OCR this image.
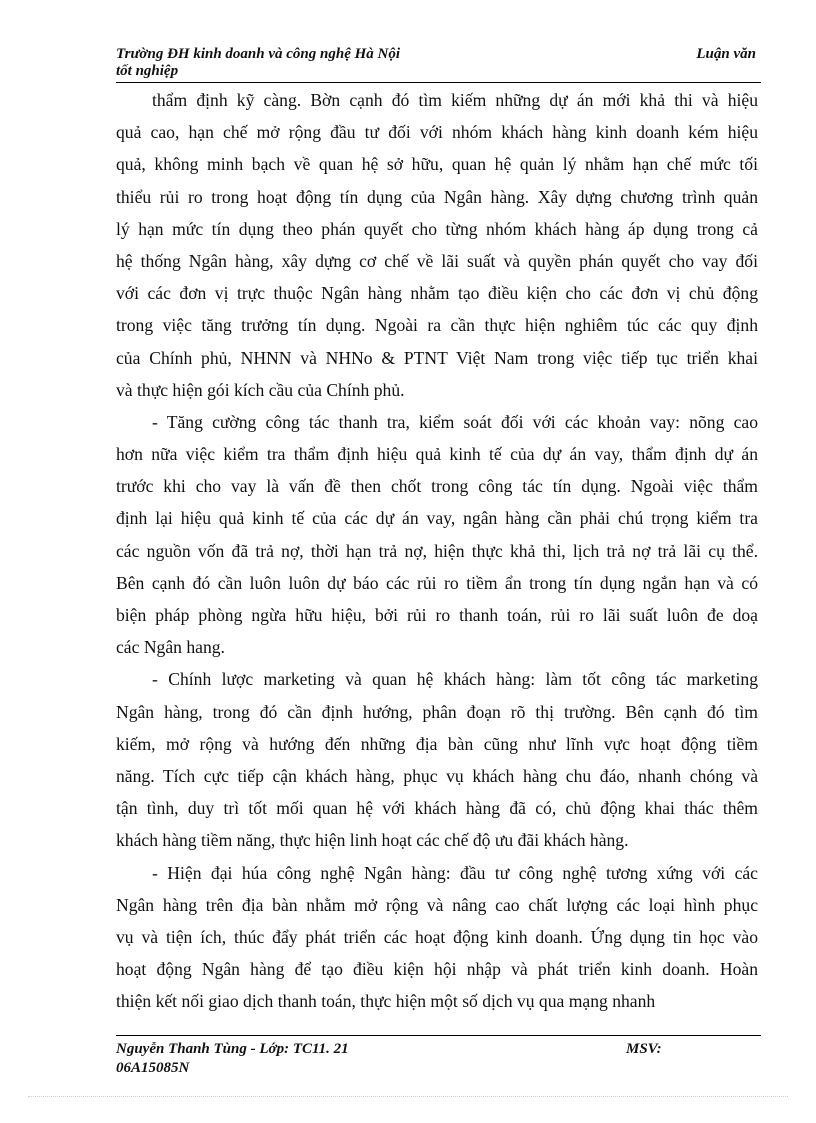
Trường ĐH kinh doanh và công nghệ Hà Nội	Luận văn
tốt nghiệp
thẩm định kỹ càng. Bờn cạnh đó tìm kiếm những dự án mới khả thi và hiệu
quả cao, hạn chế mở rộng đầu tư đối với nhóm khách hàng kinh doanh kém hiệu
quả, không minh bạch về quan hệ sở hữu, quan hệ quản lý nhằm hạn chế mức tối
thiểu rủi ro trong hoạt động tín dụng của Ngân hàng. Xây dựng chương trình quản
lý hạn mức tín dụng theo phán quyết cho từng nhóm khách hàng áp dụng trong cả
hệ thống Ngân hàng, xây dựng cơ chế về lãi suất và quyền phán quyết cho vay đối
với các đơn vị trực thuộc Ngân hàng nhằm tạo điều kiện cho các đơn vị chủ động
trong việc tăng trưởng tín dụng. Ngoài ra cần thực hiện nghiêm túc các quy định
của Chính phủ, NHNN và NHNo & PTNT Việt Nam trong việc tiếp tục triển khai
và thực hiện gói kích cầu của Chính phủ.
- Tăng cường công tác thanh tra, kiểm soát đối với các khoản vay: nõng cao
hơn nữa việc kiểm tra thẩm định hiệu quả kinh tế của dự án vay, thẩm định dự án
trước khi cho vay là vấn đề then chốt trong công tác tín dụng. Ngoài việc thẩm
định lại hiệu quả kinh tế của các dự án vay, ngân hàng cần phải chú trọng kiểm tra
các nguồn vốn đã trả nợ, thời hạn trả nợ, hiện thực khả thi, lịch trả nợ trả lãi cụ thể.
Bên cạnh đó cần luôn luôn dự báo các rủi ro tiềm ẩn trong tín dụng ngắn hạn và có
biện pháp phòng ngừa hữu hiệu, bởi rủi ro thanh toán, rủi ro lãi suất luôn đe doạ
các Ngân hang.
- Chính lược marketing và quan hệ khách hàng: làm tốt công tác marketing
Ngân hàng, trong đó cần định hướng, phân đoạn rõ thị trường. Bên cạnh đó tìm
kiếm, mở rộng và hướng đến những địa bàn cũng như lĩnh vực hoạt động tiềm
năng. Tích cực tiếp cận khách hàng, phục vụ khách hàng chu đáo, nhanh chóng và
tận tình, duy trì tốt mối quan hệ với khách hàng đã có, chủ động khai thác thêm
khách hàng tiềm năng, thực hiện linh hoạt các chế độ ưu đãi khách hàng.
- Hiện đại húa công nghệ Ngân hàng: đầu tư công nghệ tương xứng với các
Ngân hàng trên địa bàn nhằm mở rộng và nâng cao chất lượng các loại hình phục
vụ và tiện ích, thúc đẩy phát triển các hoạt động kinh doanh. Ứng dụng tin học vào
hoạt động Ngân hàng để tạo điều kiện hội nhập và phát triển kinh doanh. Hoàn
thiện kết nối giao dịch thanh toán, thực hiện một số dịch vụ qua mạng nhanh
Nguyễn Thanh Tùng - Lớp: TC11. 21	MSV:
06A15085N
